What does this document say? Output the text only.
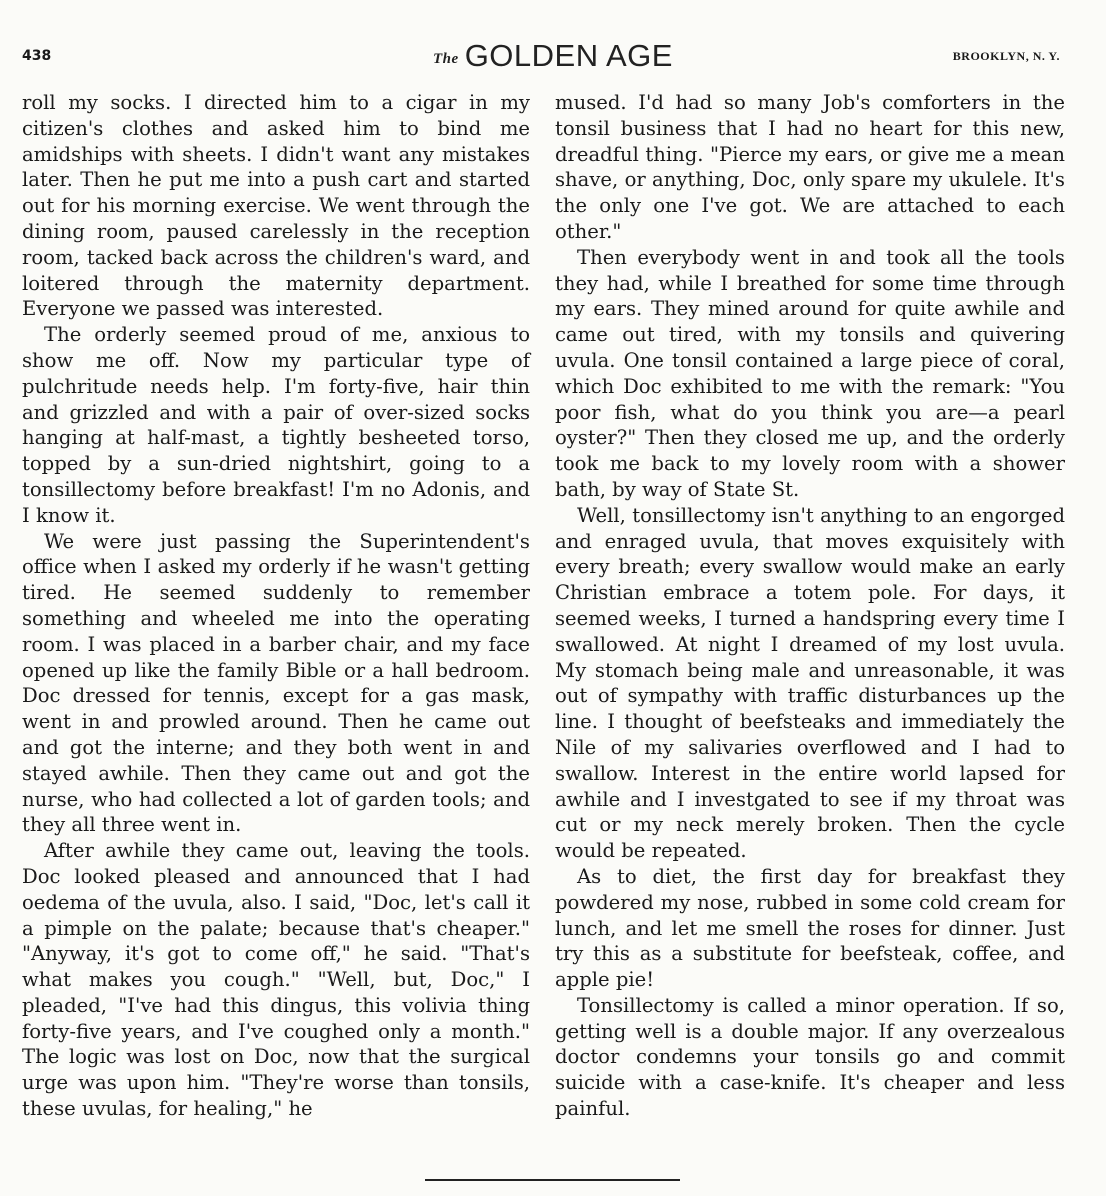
438	The GOLDEN AGE	BROOKLYN, N. Y.

roll my socks. I directed him to a cigar in my citizen's clothes and asked him to bind me amidships with sheets. I didn't want any mistakes later. Then he put me into a push cart and started out for his morning exercise. We went through the dining room, paused carelessly in the reception room, tacked back across the children's ward, and loitered through the maternity department. Everyone we passed was interested.

The orderly seemed proud of me, anxious to show me off. Now my particular type of pulchritude needs help. I'm forty-five, hair thin and grizzled and with a pair of over-sized socks hanging at half-mast, a tightly besheeted torso, topped by a sun-dried nightshirt, going to a tonsillectomy before breakfast! I'm no Adonis, and I know it.

We were just passing the Superintendent's office when I asked my orderly if he wasn't getting tired. He seemed suddenly to remember something and wheeled me into the operating room. I was placed in a barber chair, and my face opened up like the family Bible or a hall bedroom. Doc dressed for tennis, except for a gas mask, went in and prowled around. Then he came out and got the interne; and they both went in and stayed awhile. Then they came out and got the nurse, who had collected a lot of garden tools; and they all three went in.

After awhile they came out, leaving the tools. Doc looked pleased and announced that I had oedema of the uvula, also. I said, "Doc, let's call it a pimple on the palate; because that's cheaper." "Anyway, it's got to come off," he said. "That's what makes you cough." "Well, but, Doc," I pleaded, "I've had this dingus, this volivia thing forty-five years, and I've coughed only a month." The logic was lost on Doc, now that the surgical urge was upon him. "They're worse than tonsils, these uvulas, for healing," he

mused. I'd had so many Job's comforters in the tonsil business that I had no heart for this new, dreadful thing. "Pierce my ears, or give me a mean shave, or anything, Doc, only spare my ukulele. It's the only one I've got. We are attached to each other."

Then everybody went in and took all the tools they had, while I breathed for some time through my ears. They mined around for quite awhile and came out tired, with my tonsils and quivering uvula. One tonsil contained a large piece of coral, which Doc exhibited to me with the remark: "You poor fish, what do you think you are—a pearl oyster?" Then they closed me up, and the orderly took me back to my lovely room with a shower bath, by way of State St.

Well, tonsillectomy isn't anything to an engorged and enraged uvula, that moves exquisitely with every breath; every swallow would make an early Christian embrace a totem pole. For days, it seemed weeks, I turned a handspring every time I swallowed. At night I dreamed of my lost uvula. My stomach being male and unreasonable, it was out of sympathy with traffic disturbances up the line. I thought of beefsteaks and immediately the Nile of my salivaries overflowed and I had to swallow. Interest in the entire world lapsed for awhile and I investgated to see if my throat was cut or my neck merely broken. Then the cycle would be repeated.

As to diet, the first day for breakfast they powdered my nose, rubbed in some cold cream for lunch, and let me smell the roses for dinner. Just try this as a substitute for beefsteak, coffee, and apple pie!

Tonsillectomy is called a minor operation. If so, getting well is a double major. If any overzealous doctor condemns your tonsils go and commit suicide with a case-knife. It's cheaper and less painful.
